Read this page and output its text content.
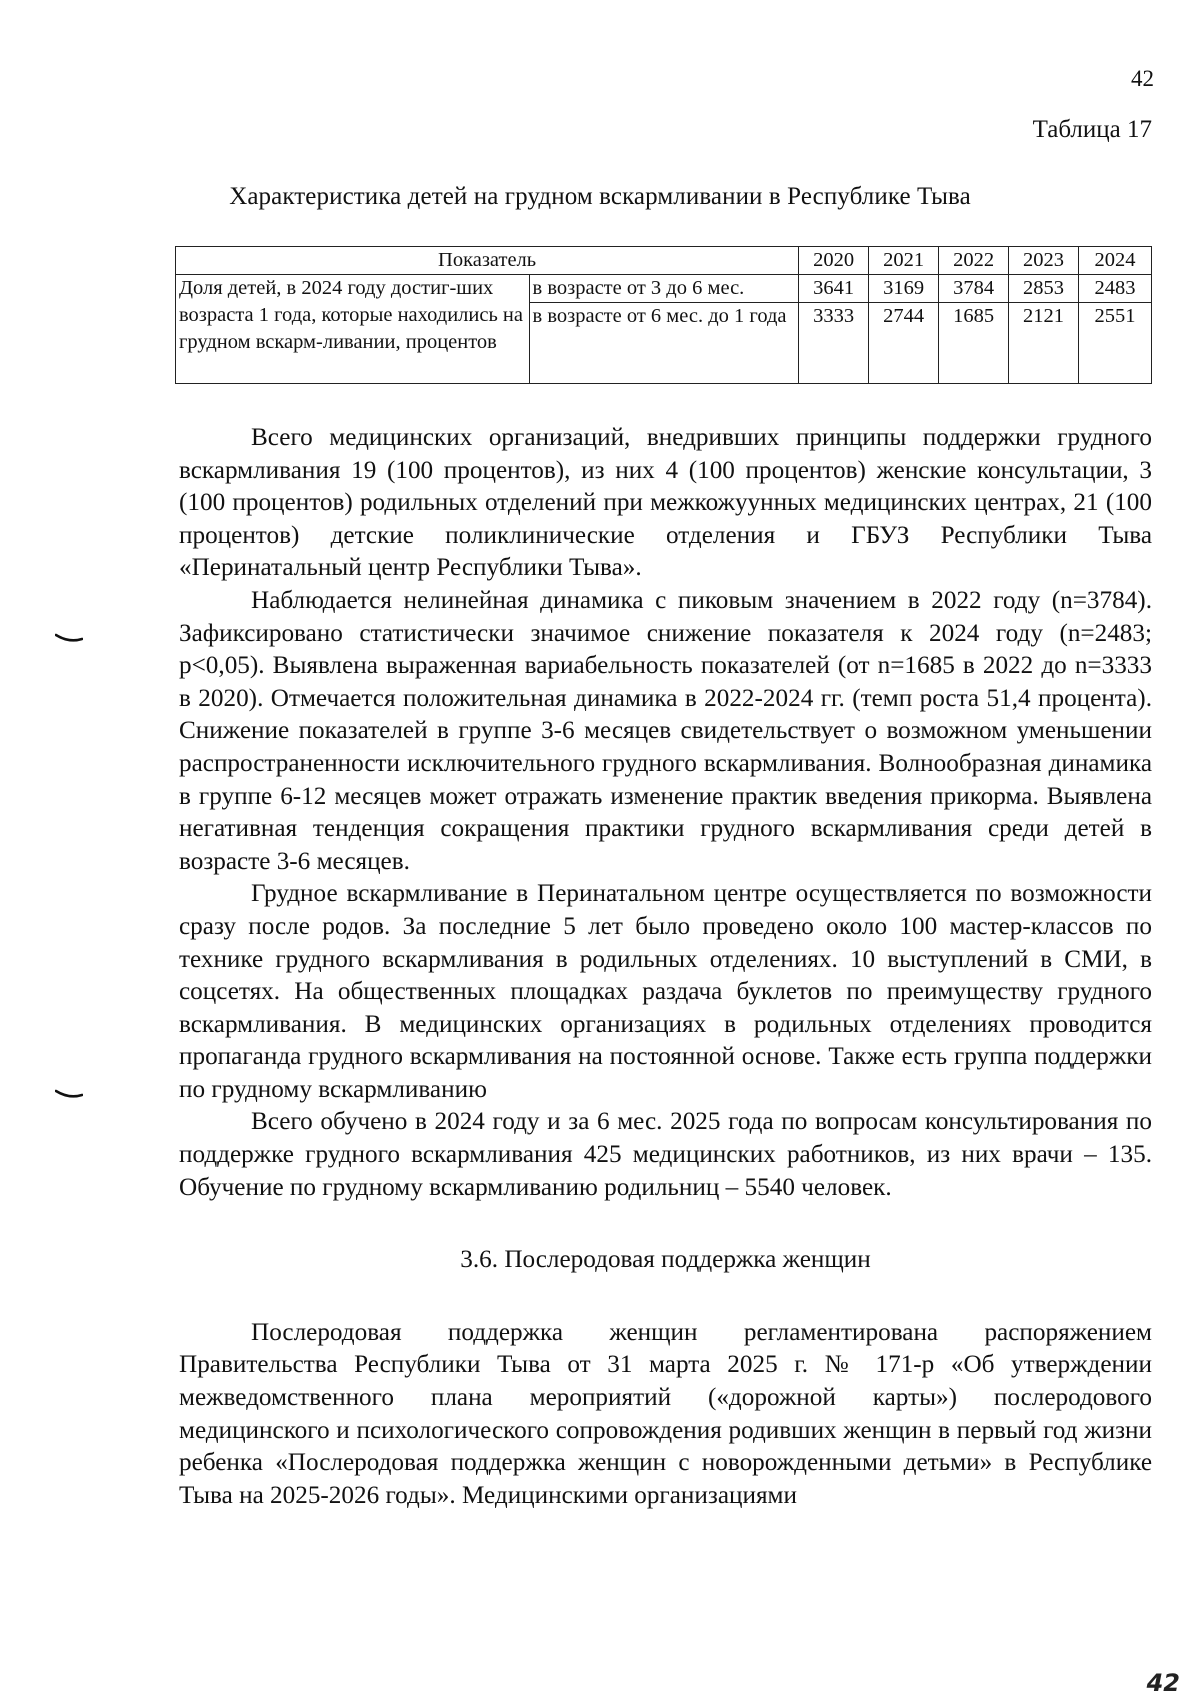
42
Таблица 17
Характеристика детей на грудном вскармливании в Республике Тыва
Показатель		2020	2021	2022	2023	2024
Доля детей, в 2024 году достиг-ших возраста 1 года, которые находились на грудном вскарм-ливании, процентов	в возрасте от 3 до 6 мес.	3641	3169	3784	2853	2483
	в возрасте от 6 мес. до 1 года	3333	2744	1685	2121	2551

Всего медицинских организаций, внедривших принципы поддержки грудного вскармливания 19 (100 процентов), из них 4 (100 процентов) женские консультации, 3 (100 процентов) родильных отделений при межкожуунных медицинских центрах, 21 (100 процентов) детские поликлинические отделения и ГБУЗ Республики Тыва «Перинатальный центр Республики Тыва».

Наблюдается нелинейная динамика с пиковым значением в 2022 году (n=3784). Зафиксировано статистически значимое снижение показателя к 2024 году (n=2483; p<0,05). Выявлена выраженная вариабельность показателей (от n=1685 в 2022 до n=3333 в 2020). Отмечается положительная динамика в 2022-2024 гг. (темп роста 51,4 процента). Снижение показателей в группе 3-6 месяцев свидетельствует о возможном уменьшении распространенности исключительного грудного вскармливания. Волнообразная динамика в группе 6-12 месяцев может отражать изменение практик введения прикорма. Выявлена негативная тенденция сокращения практики грудного вскармливания среди детей в возрасте 3-6 месяцев.

Грудное вскармливание в Перинатальном центре осуществляется по возможности сразу после родов. За последние 5 лет было проведено около 100 мастер-классов по технике грудного вскармливания в родильных отделениях. 10 выступлений в СМИ, в соцсетях. На общественных площадках раздача буклетов по преимуществу грудного вскармливания. В медицинских организациях в родильных отделениях проводится пропаганда грудного вскармливания на постоянной основе. Также есть группа поддержки по грудному вскармливанию

Всего обучено в 2024 году и за 6 мес. 2025 года по вопросам консультирования по поддержке грудного вскармливания 425 медицинских работников, из них врачи – 135. Обучение по грудному вскармливанию родильниц – 5540 человек.

3.6. Послеродовая поддержка женщин

Послеродовая поддержка женщин регламентирована распоряжением Правительства Республики Тыва от 31 марта 2025 г. № 171-р «Об утверждении межведомственного плана мероприятий («дорожной карты») послеродового медицинского и психологического сопровождения родивших женщин в первый год жизни ребенка «Послеродовая поддержка женщин с новорожденными детьми» в Республике Тыва на 2025-2026 годы». Медицинскими организациями

42
